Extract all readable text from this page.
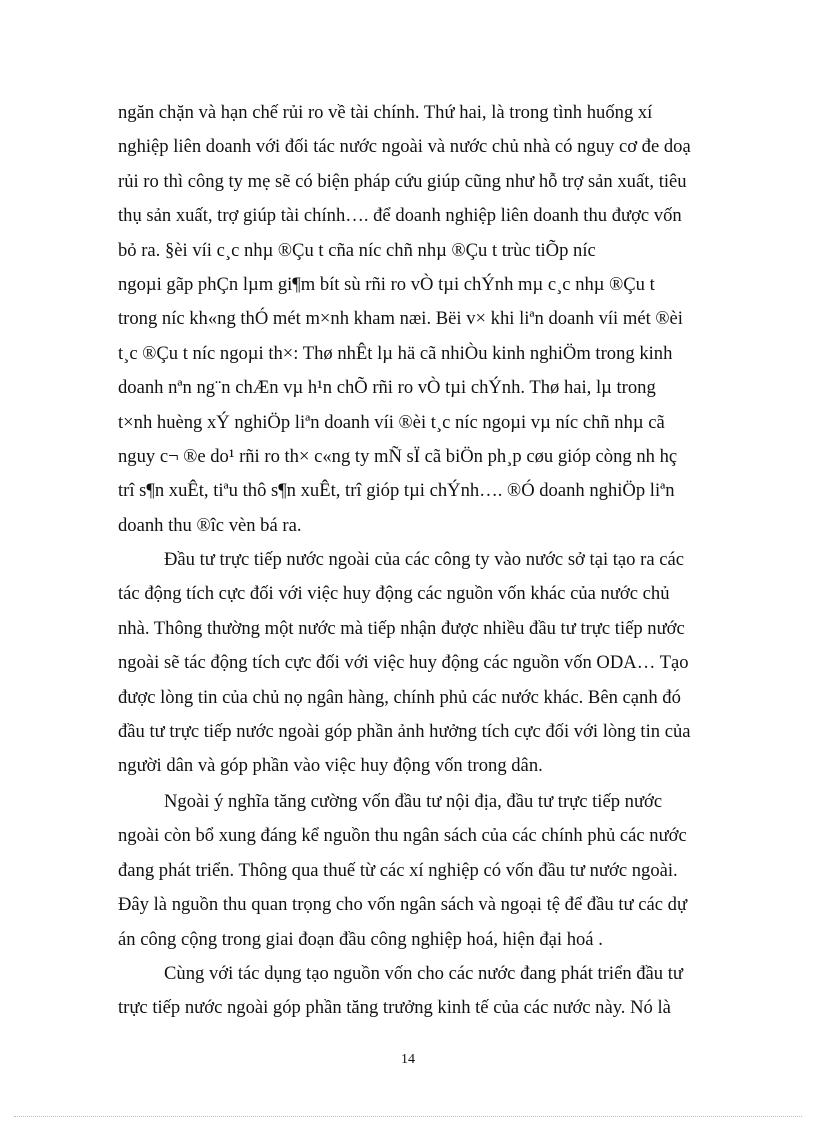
ngăn chặn và hạn chế rủi ro về tài chính. Thứ hai, là trong tình huống xí
nghiệp liên doanh với đối tác nước ngoài và nước chủ nhà có nguy cơ đe doạ
rủi ro thì công ty mẹ sẽ có biện pháp cứu giúp cũng như hỗ trợ sản xuất, tiêu
thụ sản xuất, trợ giúp tài chính…. để doanh nghiệp liên doanh thu được vốn
bỏ ra. §èi víi c¸c nhµ ®Çu t cña níc chñ nhµ ®Çu t trùc tiÕp níc
ngoµi gãp phÇn lµm gi¶m bít sù rñi ro vÒ tµi chÝnh mµ c¸c nhµ ®Çu t
trong níc kh«ng thÓ mét m×nh kham næi. Bëi v× khi liªn doanh víi mét ®èi
t¸c ®Çu t níc ngoµi th×: Thø nhÊt lµ hä cã nhiÒu kinh nghiÖm trong kinh
doanh nªn ng¨n chÆn vµ h¹n chÕ rñi ro vÒ tµi chÝnh. Thø hai, lµ trong
t×nh huèng xÝ nghiÖp liªn doanh víi ®èi t¸c níc ngoµi vµ níc chñ nhµ cã
nguy c¬ ®e do¹ rñi ro th× c«ng ty mÑ sÏ cã biÖn ph¸p cøu gióp còng nh hç
trî s¶n xuÊt, tiªu thô s¶n xuÊt, trî gióp tµi chÝnh…. ®Ó doanh nghiÖp liªn
doanh thu ®îc vèn bá ra.
Đầu tư trực tiếp nước ngoài của các công ty vào nước sở tại tạo ra các
tác động tích cực đối với việc huy động các nguồn vốn khác của nước chủ
nhà. Thông thường một nước mà tiếp nhận được nhiều đầu tư trực tiếp nước
ngoài sẽ tác động tích cực đối với việc huy động các nguồn vốn ODA… Tạo
được lòng tin của chủ nọ ngân hàng, chính phủ các nước khác. Bên cạnh đó
đầu tư trực tiếp nước ngoài góp phần ảnh hưởng tích cực đối với lòng tin của
người dân và góp phần vào việc huy động vốn trong dân.
Ngoài ý nghĩa tăng cường vốn đầu tư nội địa, đầu tư trực tiếp nước
ngoài còn bổ xung đáng kể nguồn thu ngân sách của các chính phủ các nước
đang phát triển. Thông qua thuế từ các xí nghiệp có vốn đầu tư nước ngoài.
Đây là nguồn thu quan trọng cho vốn ngân sách và ngoại tệ để đầu tư các dự
án công cộng trong giai đoạn đầu công nghiệp hoá, hiện đại hoá .
Cùng với tác dụng tạo nguồn vốn cho các nước đang phát triển đầu tư
trực tiếp nước ngoài góp phần tăng trưởng kinh tế của các nước này. Nó là
14
